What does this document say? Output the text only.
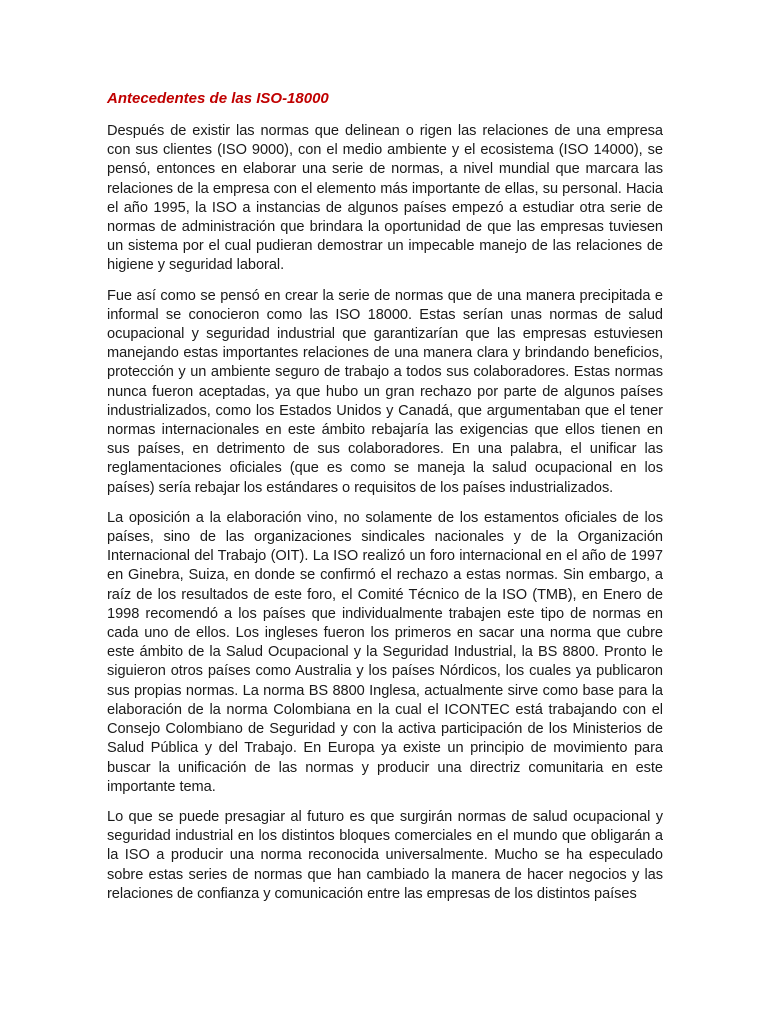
Antecedentes de las ISO-18000

Después de existir las normas que delinean o rigen las relaciones de una empresa con sus clientes (ISO 9000), con el medio ambiente y el ecosistema (ISO 14000), se pensó, entonces en elaborar una serie de normas, a nivel mundial que marcara las relaciones de la empresa con el elemento más importante de ellas, su personal. Hacia el año 1995, la ISO a instancias de algunos países empezó a estudiar otra serie de normas de administración que brindara la oportunidad de que las empresas tuviesen un sistema por el cual pudieran demostrar un impecable manejo de las relaciones de higiene y seguridad laboral.

Fue así como se pensó en crear la serie de normas que de una manera precipitada e informal se conocieron como las ISO 18000. Estas serían unas normas de salud ocupacional y seguridad industrial que garantizarían que las empresas estuviesen manejando estas importantes relaciones de una manera clara y brindando beneficios, protección y un ambiente seguro de trabajo a todos sus colaboradores. Estas normas nunca fueron aceptadas, ya que hubo un gran rechazo por parte de algunos países industrializados, como los Estados Unidos y Canadá, que argumentaban que el tener normas internacionales en este ámbito rebajaría las exigencias que ellos tienen en sus países, en detrimento de sus colaboradores. En una palabra, el unificar las reglamentaciones oficiales (que es como se maneja la salud ocupacional en los países) sería rebajar los estándares o requisitos de los países industrializados.

La oposición a la elaboración vino, no solamente de los estamentos oficiales de los países, sino de las organizaciones sindicales nacionales y de la Organización Internacional del Trabajo (OIT). La ISO realizó un foro internacional en el año de 1997 en Ginebra, Suiza, en donde se confirmó el rechazo a estas normas. Sin embargo, a raíz de los resultados de este foro, el Comité Técnico de la ISO (TMB), en Enero de 1998 recomendó a los países que individualmente trabajen este tipo de normas en cada uno de ellos. Los ingleses fueron los primeros en sacar una norma que cubre este ámbito de la Salud Ocupacional y la Seguridad Industrial, la BS 8800. Pronto le siguieron otros países como Australia y los países Nórdicos, los cuales ya publicaron sus propias normas. La norma BS 8800 Inglesa, actualmente sirve como base para la elaboración de la norma Colombiana en la cual el ICONTEC está trabajando con el Consejo Colombiano de Seguridad y con la activa participación de los Ministerios de Salud Pública y del Trabajo. En Europa ya existe un principio de movimiento para buscar la unificación de las normas y producir una directriz comunitaria en este importante tema.

Lo que se puede presagiar al futuro es que surgirán normas de salud ocupacional y seguridad industrial en los distintos bloques comerciales en el mundo que obligarán a la ISO a producir una norma reconocida universalmente. Mucho se ha especulado sobre estas series de normas que han cambiado la manera de hacer negocios y las relaciones de confianza y comunicación entre las empresas de los distintos países
